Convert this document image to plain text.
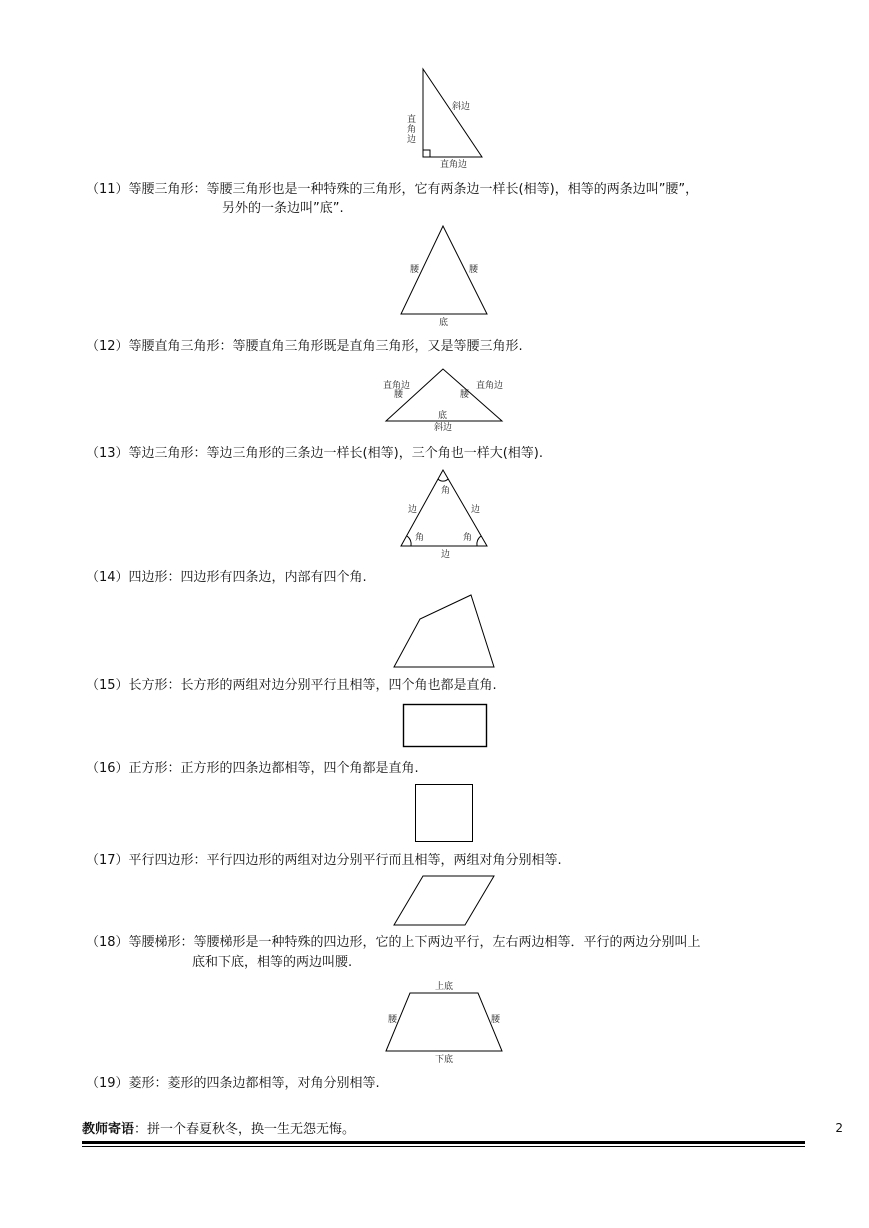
直角边
斜边
直角边
（11）等腰三角形：等腰三角形也是一种特殊的三角形，它有两条边一样长(相等)，相等的两条边叫”腰”，
另外的一条边叫”底”.
腰	腰
底
（12）等腰直角三角形：等腰直角三角形既是直角三角形，又是等腰三角形.
直角边
腰
直角边
腰
底
斜边
（13）等边三角形：等边三角形的三条边一样长(相等)，三个角也一样大(相等).
角
边	边
角	角
边
（14）四边形：四边形有四条边，内部有四个角.
（15）长方形：长方形的两组对边分别平行且相等，四个角也都是直角.
（16）正方形：正方形的四条边都相等，四个角都是直角.
（17）平行四边形：平行四边形的两组对边分别平行而且相等，两组对角分别相等.
（18）等腰梯形：等腰梯形是一种特殊的四边形，它的上下两边平行，左右两边相等．平行的两边分别叫上
底和下底，相等的两边叫腰.
上底
腰	腰
下底
（19）菱形：菱形的四条边都相等，对角分别相等.
教师寄语：拼一个春夏秋冬，换一生无怨无悔。	2
